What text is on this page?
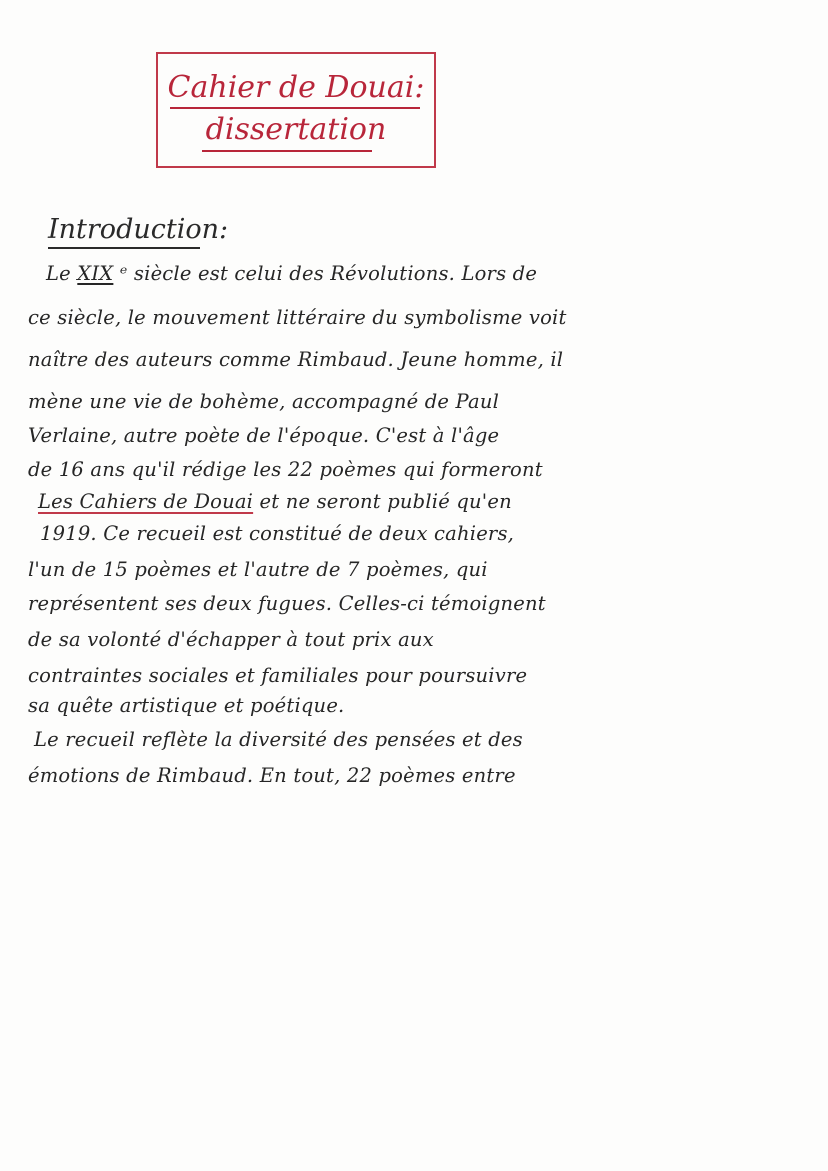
Cahier de Douai:
dissertation
Introduction:
Le XIX ᵉ siècle est celui des Révolutions. Lors de
ce siècle, le mouvement littéraire du symbolisme voit
naître des auteurs comme Rimbaud. Jeune homme, il
mène une vie de bohème, accompagné de Paul
Verlaine, autre poète de l'époque. C'est à l'âge
de 16 ans qu'il rédige les 22 poèmes qui formeront
Les Cahiers de Douai et ne seront publié qu'en
1919. Ce recueil est constitué de deux cahiers,
l'un de 15 poèmes et l'autre de 7 poèmes, qui
représentent ses deux fugues. Celles-ci témoignent
de sa volonté d'échapper à tout prix aux
contraintes sociales et familiales pour poursuivre
sa quête artistique et poétique.
Le recueil reflète la diversité des pensées et des
émotions de Rimbaud. En tout, 22 poèmes entre
